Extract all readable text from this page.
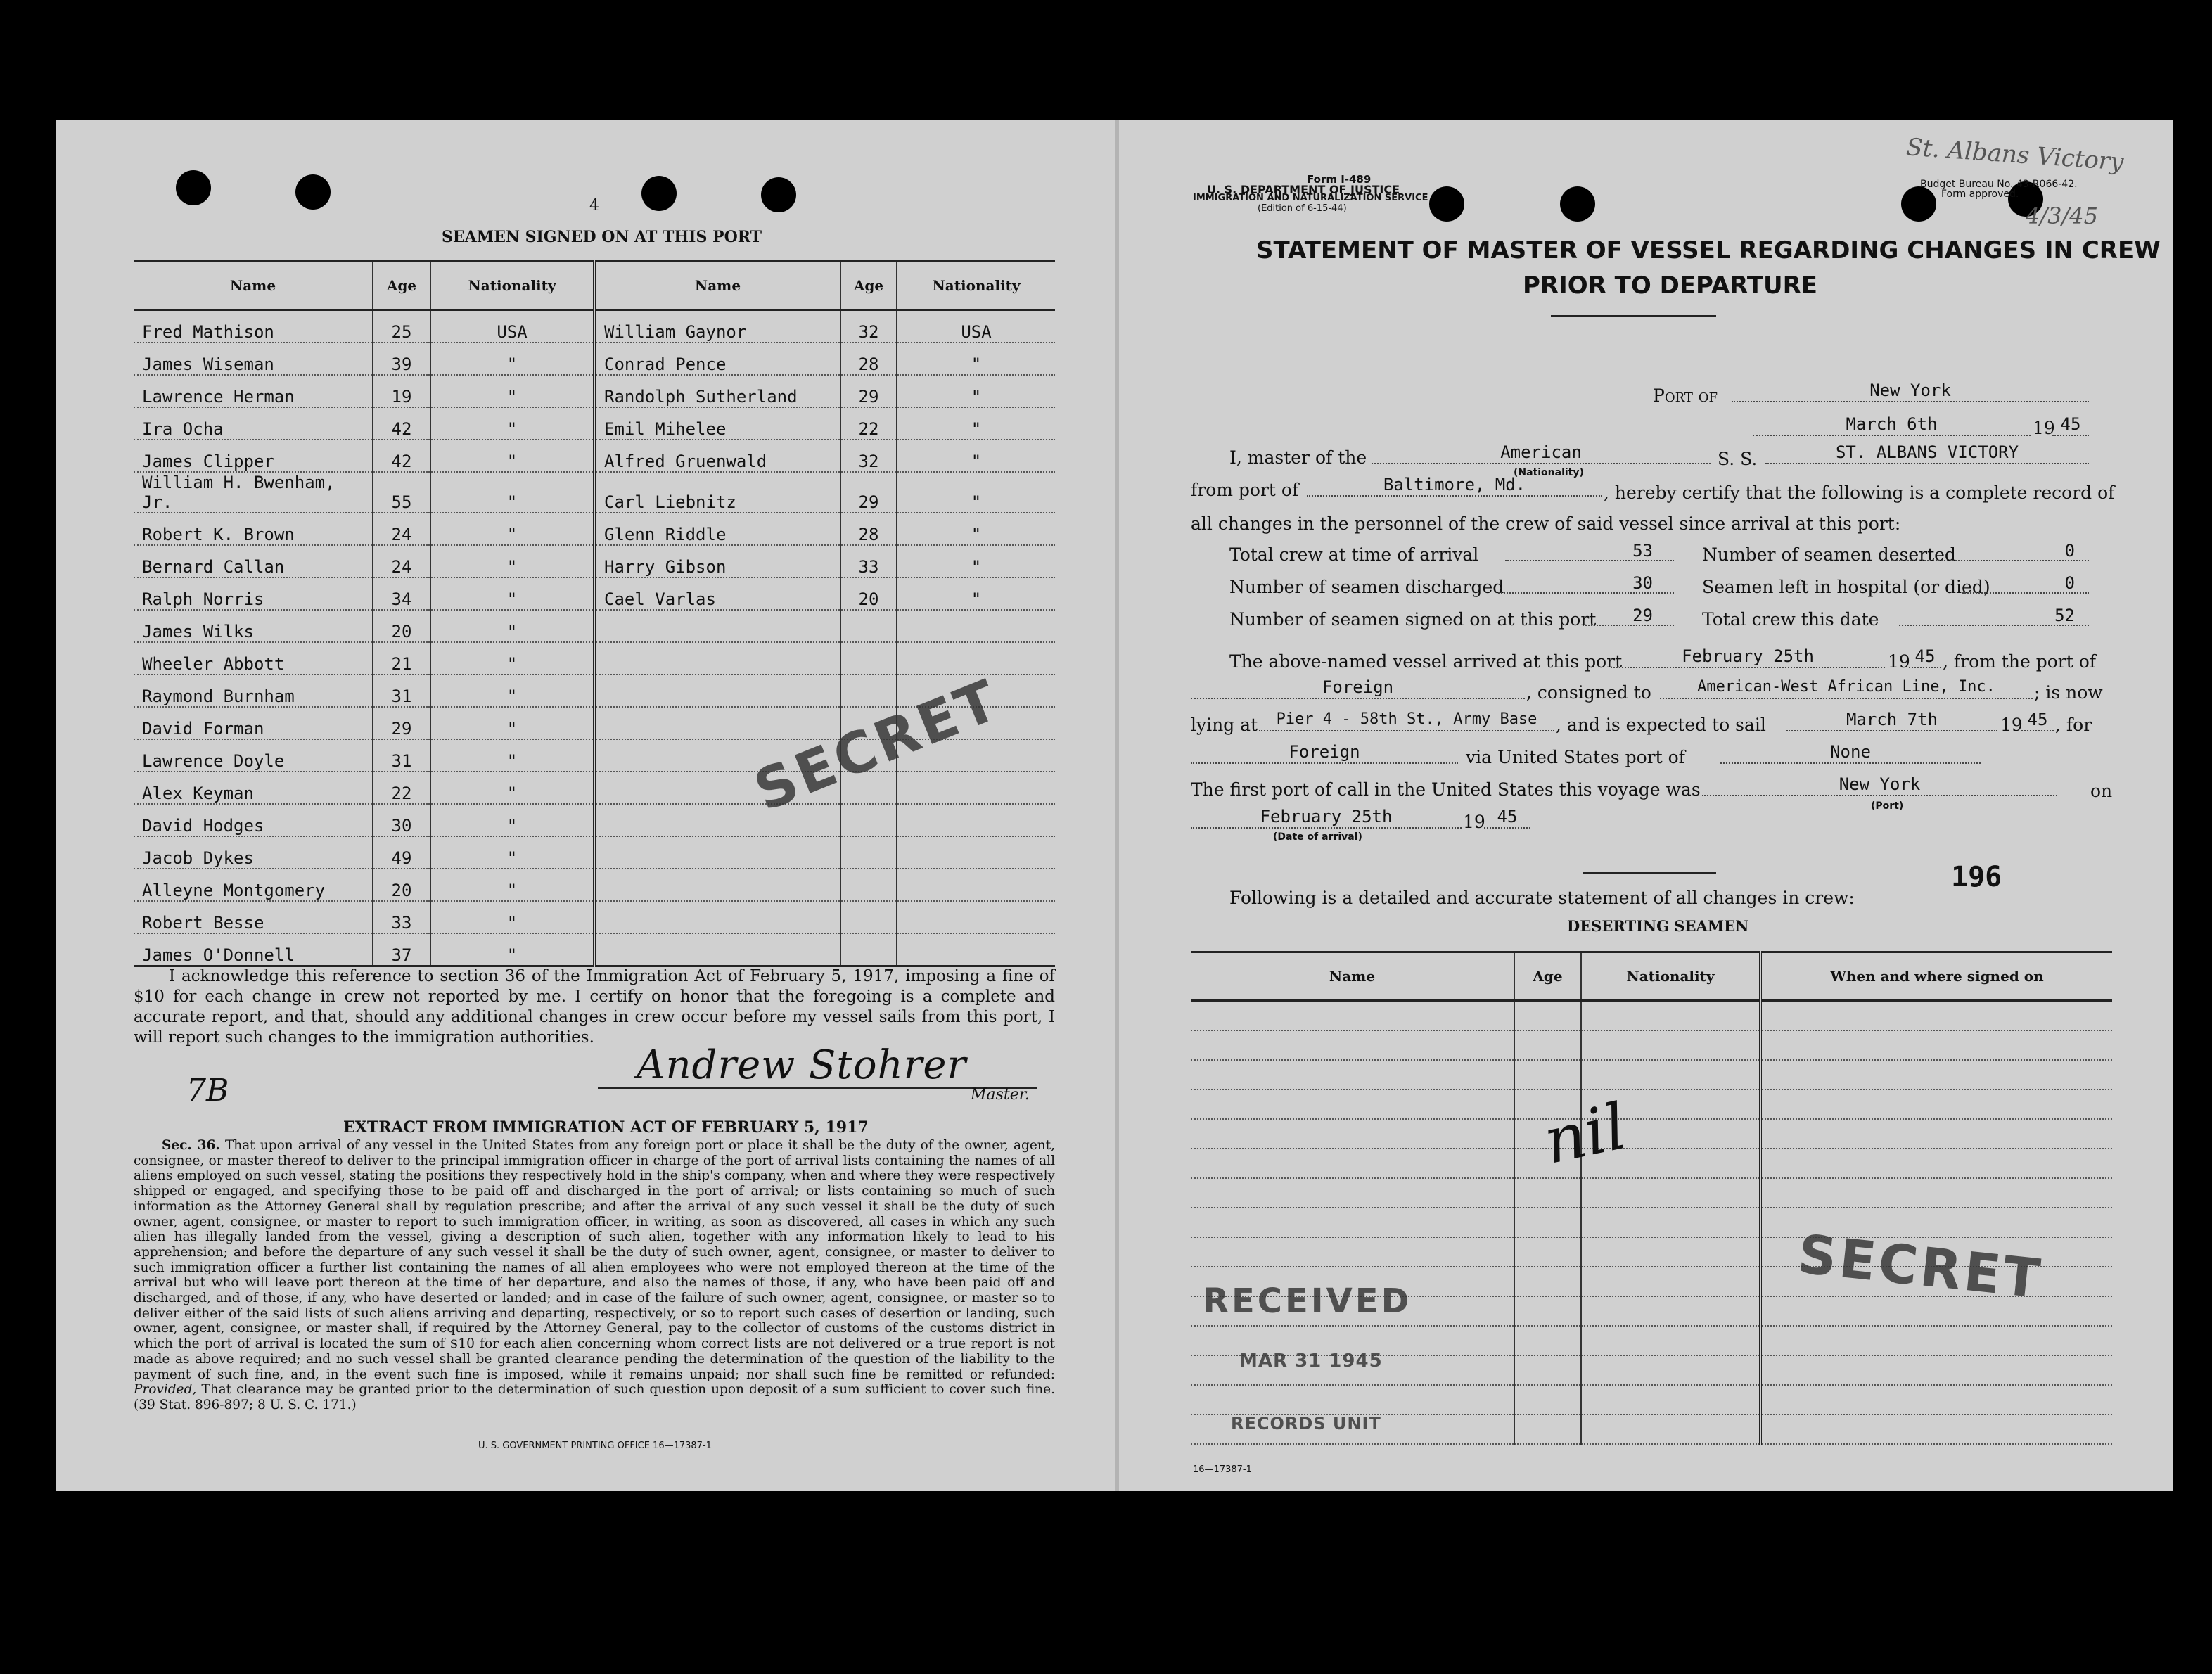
4
SEAMEN SIGNED ON AT THIS PORT
Name	Age	Nationality	Name	Age	Nationality
Fred Mathison	25	USA	William Gaynor	32	USA
James Wiseman	39	"	Conrad Pence	28	"
Lawrence Herman	19	"	Randolph Sutherland	29	"
Ira Ocha	42	"	Emil Mihelee	22	"
James Clipper	42	"	Alfred Gruenwald	32	"
William H. Bwenham, Jr.	55	"	Carl Liebnitz	29	"
Robert K. Brown	24	"	Glenn Riddle	28	"
Bernard Callan	24	"	Harry Gibson	33	"
Ralph Norris	34	"	Cael Varlas	20	"
James Wilks	20	"			
Wheeler Abbott	21	"			
Raymond Burnham	31	"			
David Forman	29	"			
Lawrence Doyle	31	"			
Alex Keyman	22	"			
David Hodges	30	"			
Jacob Dykes	49	"			
Alleyne Montgomery	20	"			
Robert Besse	33	"			
James O'Donnell	37	"			
SECRET
I acknowledge this reference to section 36 of the Immigration Act of February 5, 1917, imposing a fine of $10 for each change in crew not reported by me. I certify on honor that the foregoing is a complete and accurate report, and that, should any additional changes in crew occur before my vessel sails from this port, I will report such changes to the immigration authorities.
7B
Andrew Stohrer
Master.
EXTRACT FROM IMMIGRATION ACT OF FEBRUARY 5, 1917
Sec. 36. That upon arrival of any vessel in the United States from any foreign port or place it shall be the duty of the owner, agent, consignee, or master thereof to deliver to the principal immigration officer in charge of the port of arrival lists containing the names of all aliens employed on such vessel, stating the positions they respectively hold in the ship's company, when and where they were respectively shipped or engaged, and specifying those to be paid off and discharged in the port of arrival; or lists containing so much of such information as the Attorney General shall by regulation prescribe; and after the arrival of any such vessel it shall be the duty of such owner, agent, consignee, or master to report to such immigration officer, in writing, as soon as discovered, all cases in which any such alien has illegally landed from the vessel, giving a description of such alien, together with any information likely to lead to his apprehension; and before the departure of any such vessel it shall be the duty of such owner, agent, consignee, or master to deliver to such immigration officer a further list containing the names of all alien employees who were not employed thereon at the time of the arrival but who will leave port thereon at the time of her departure, and also the names of those, if any, who have been paid off and discharged, and of those, if any, who have deserted or landed; and in case of the failure of such owner, agent, consignee, or master so to deliver either of the said lists of such aliens arriving and departing, respectively, or so to report such cases of desertion or landing, such owner, agent, consignee, or master shall, if required by the Attorney General, pay to the collector of customs of the customs district in which the port of arrival is located the sum of $10 for each alien concerning whom correct lists are not delivered or a true report is not made as above required; and no such vessel shall be granted clearance pending the determination of the question of the liability to the payment of such fine, and, in the event such fine is imposed, while it remains unpaid; nor shall such fine be remitted or refunded: Provided, That clearance may be granted prior to the determination of such question upon deposit of a sum sufficient to cover such fine. (39 Stat. 896-897; 8 U. S. C. 171.)
U. S. GOVERNMENT PRINTING OFFICE 16—17387-1
Form I-489
U. S. DEPARTMENT OF JUSTICE
IMMIGRATION AND NATURALIZATION SERVICE
(Edition of 6-15-44)
Budget Bureau No. 43-R066-42.
Form approved.
St. Albans Victory
4/3/45
STATEMENT OF MASTER OF VESSEL REGARDING CHANGES IN CREW
PRIOR TO DEPARTURE
Port of	New York
March 6th	19 45
I, master of the	American
(Nationality)
S. S.	ST. ALBANS VICTORY
from port of	Baltimore, Md.	, hereby certify that the following is a complete record of
all changes in the personnel of the crew of said vessel since arrival at this port:
Total crew at time of arrival	53	Number of seamen deserted	0
Number of seamen discharged	30	Seamen left in hospital (or died)	0
Number of seamen signed on at this port	29	Total crew this date	52
The above-named vessel arrived at this port	February 25th	19 45 , from the port of
Foreign	, consigned to	American-West African Line, Inc.	; is now
lying at	Pier 4 - 58th St., Army Base	, and is expected to sail	March 7th	19 45 , for
Foreign	via United States port of	None
The first port of call in the United States this voyage was	New York
(Port)
on
February 25th	19 45
(Date of arrival)
196
Following is a detailed and accurate statement of all changes in crew:
DESERTING SEAMEN
Name	Age	Nationality	When and where signed on

nil
SECRET
RECEIVED
MAR 31 1945
RECORDS UNIT
16—17387-1
